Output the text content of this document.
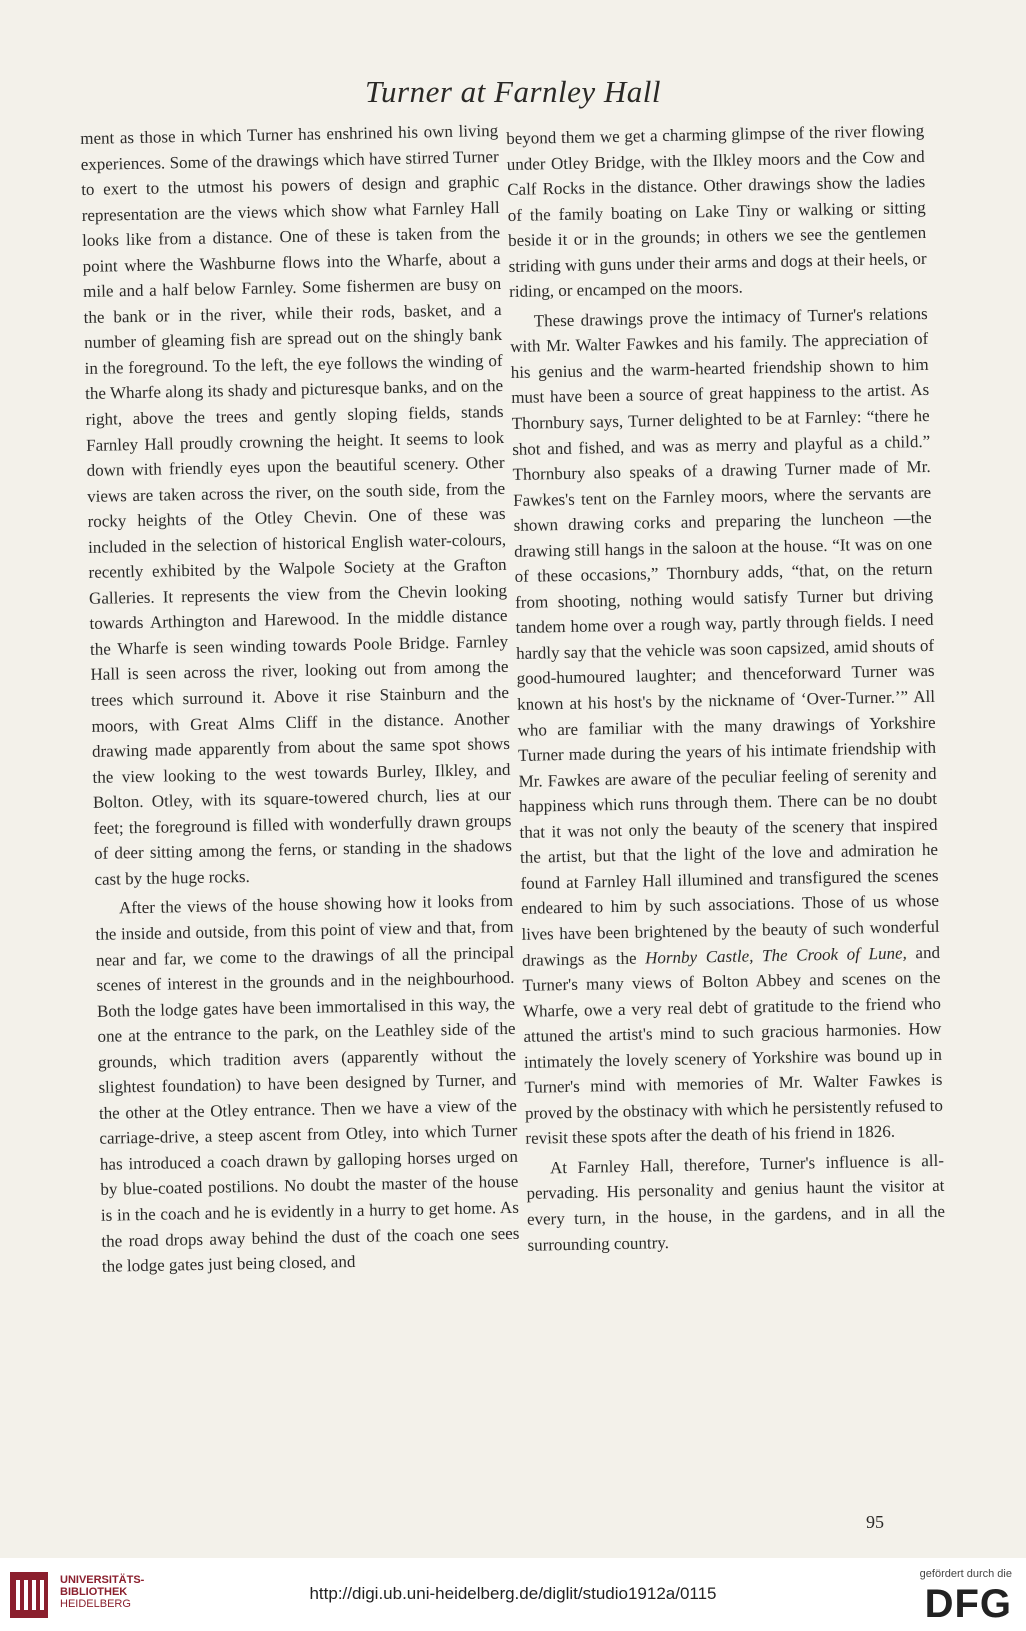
Turner at Farnley Hall

ment as those in which Turner has enshrined his own living experiences. Some of the drawings which have stirred Turner to exert to the utmost his powers of design and graphic representation are the views which show what Farnley Hall looks like from a distance. One of these is taken from the point where the Washburne flows into the Wharfe, about a mile and a half below Farnley. Some fishermen are busy on the bank or in the river, while their rods, basket, and a number of gleaming fish are spread out on the shingly bank in the foreground. To the left, the eye follows the winding of the Wharfe along its shady and picturesque banks, and on the right, above the trees and gently sloping fields, stands Farnley Hall proudly crowning the height. It seems to look down with friendly eyes upon the beautiful scenery. Other views are taken across the river, on the south side, from the rocky heights of the Otley Chevin. One of these was included in the selection of historical English water-colours, recently exhibited by the Walpole Society at the Grafton Galleries. It represents the view from the Chevin looking towards Arthington and Harewood. In the middle distance the Wharfe is seen winding towards Poole Bridge. Farnley Hall is seen across the river, looking out from among the trees which surround it. Above it rise Stainburn and the moors, with Great Alms Cliff in the distance. Another drawing made apparently from about the same spot shows the view looking to the west towards Burley, Ilkley, and Bolton. Otley, with its square-towered church, lies at our feet; the foreground is filled with wonderfully drawn groups of deer sitting among the ferns, or standing in the shadows cast by the huge rocks.

After the views of the house showing how it looks from the inside and outside, from this point of view and that, from near and far, we come to the drawings of all the principal scenes of interest in the grounds and in the neighbourhood. Both the lodge gates have been immortalised in this way, the one at the entrance to the park, on the Leathley side of the grounds, which tradition avers (apparently without the slightest foundation) to have been designed by Turner, and the other at the Otley entrance. Then we have a view of the carriage-drive, a steep ascent from Otley, into which Turner has introduced a coach drawn by galloping horses urged on by blue-coated postilions. No doubt the master of the house is in the coach and he is evidently in a hurry to get home. As the road drops away behind the dust of the coach one sees the lodge gates just being closed, and

beyond them we get a charming glimpse of the river flowing under Otley Bridge, with the Ilkley moors and the Cow and Calf Rocks in the distance. Other drawings show the ladies of the family boating on Lake Tiny or walking or sitting beside it or in the grounds; in others we see the gentlemen striding with guns under their arms and dogs at their heels, or riding, or encamped on the moors.

These drawings prove the intimacy of Turner's relations with Mr. Walter Fawkes and his family. The appreciation of his genius and the warm-hearted friendship shown to him must have been a source of great happiness to the artist. As Thornbury says, Turner delighted to be at Farnley: “there he shot and fished, and was as merry and playful as a child.” Thornbury also speaks of a drawing Turner made of Mr. Fawkes's tent on the Farnley moors, where the servants are shown drawing corks and preparing the luncheon —the drawing still hangs in the saloon at the house. “It was on one of these occasions,” Thornbury adds, “that, on the return from shooting, nothing would satisfy Turner but driving tandem home over a rough way, partly through fields. I need hardly say that the vehicle was soon capsized, amid shouts of good-humoured laughter; and thenceforward Turner was known at his host's by the nickname of ‘Over-Turner.’” All who are familiar with the many drawings of Yorkshire Turner made during the years of his intimate friendship with Mr. Fawkes are aware of the peculiar feeling of serenity and happiness which runs through them. There can be no doubt that it was not only the beauty of the scenery that inspired the artist, but that the light of the love and admiration he found at Farnley Hall illumined and transfigured the scenes endeared to him by such associations. Those of us whose lives have been brightened by the beauty of such wonderful drawings as the Hornby Castle, The Crook of Lune, and Turner's many views of Bolton Abbey and scenes on the Wharfe, owe a very real debt of gratitude to the friend who attuned the artist's mind to such gracious harmonies. How intimately the lovely scenery of Yorkshire was bound up in Turner's mind with memories of Mr. Walter Fawkes is proved by the obstinacy with which he persistently refused to revisit these spots after the death of his friend in 1826.

At Farnley Hall, therefore, Turner's influence is all-pervading. His personality and genius haunt the visitor at every turn, in the house, in the gardens, and in all the surrounding country.

95
UNIVERSITÄTS-
BIBLIOTHEK
HEIDELBERG
gefördert durch die
DFG
http://digi.ub.uni-heidelberg.de/diglit/studio1912a/0115
